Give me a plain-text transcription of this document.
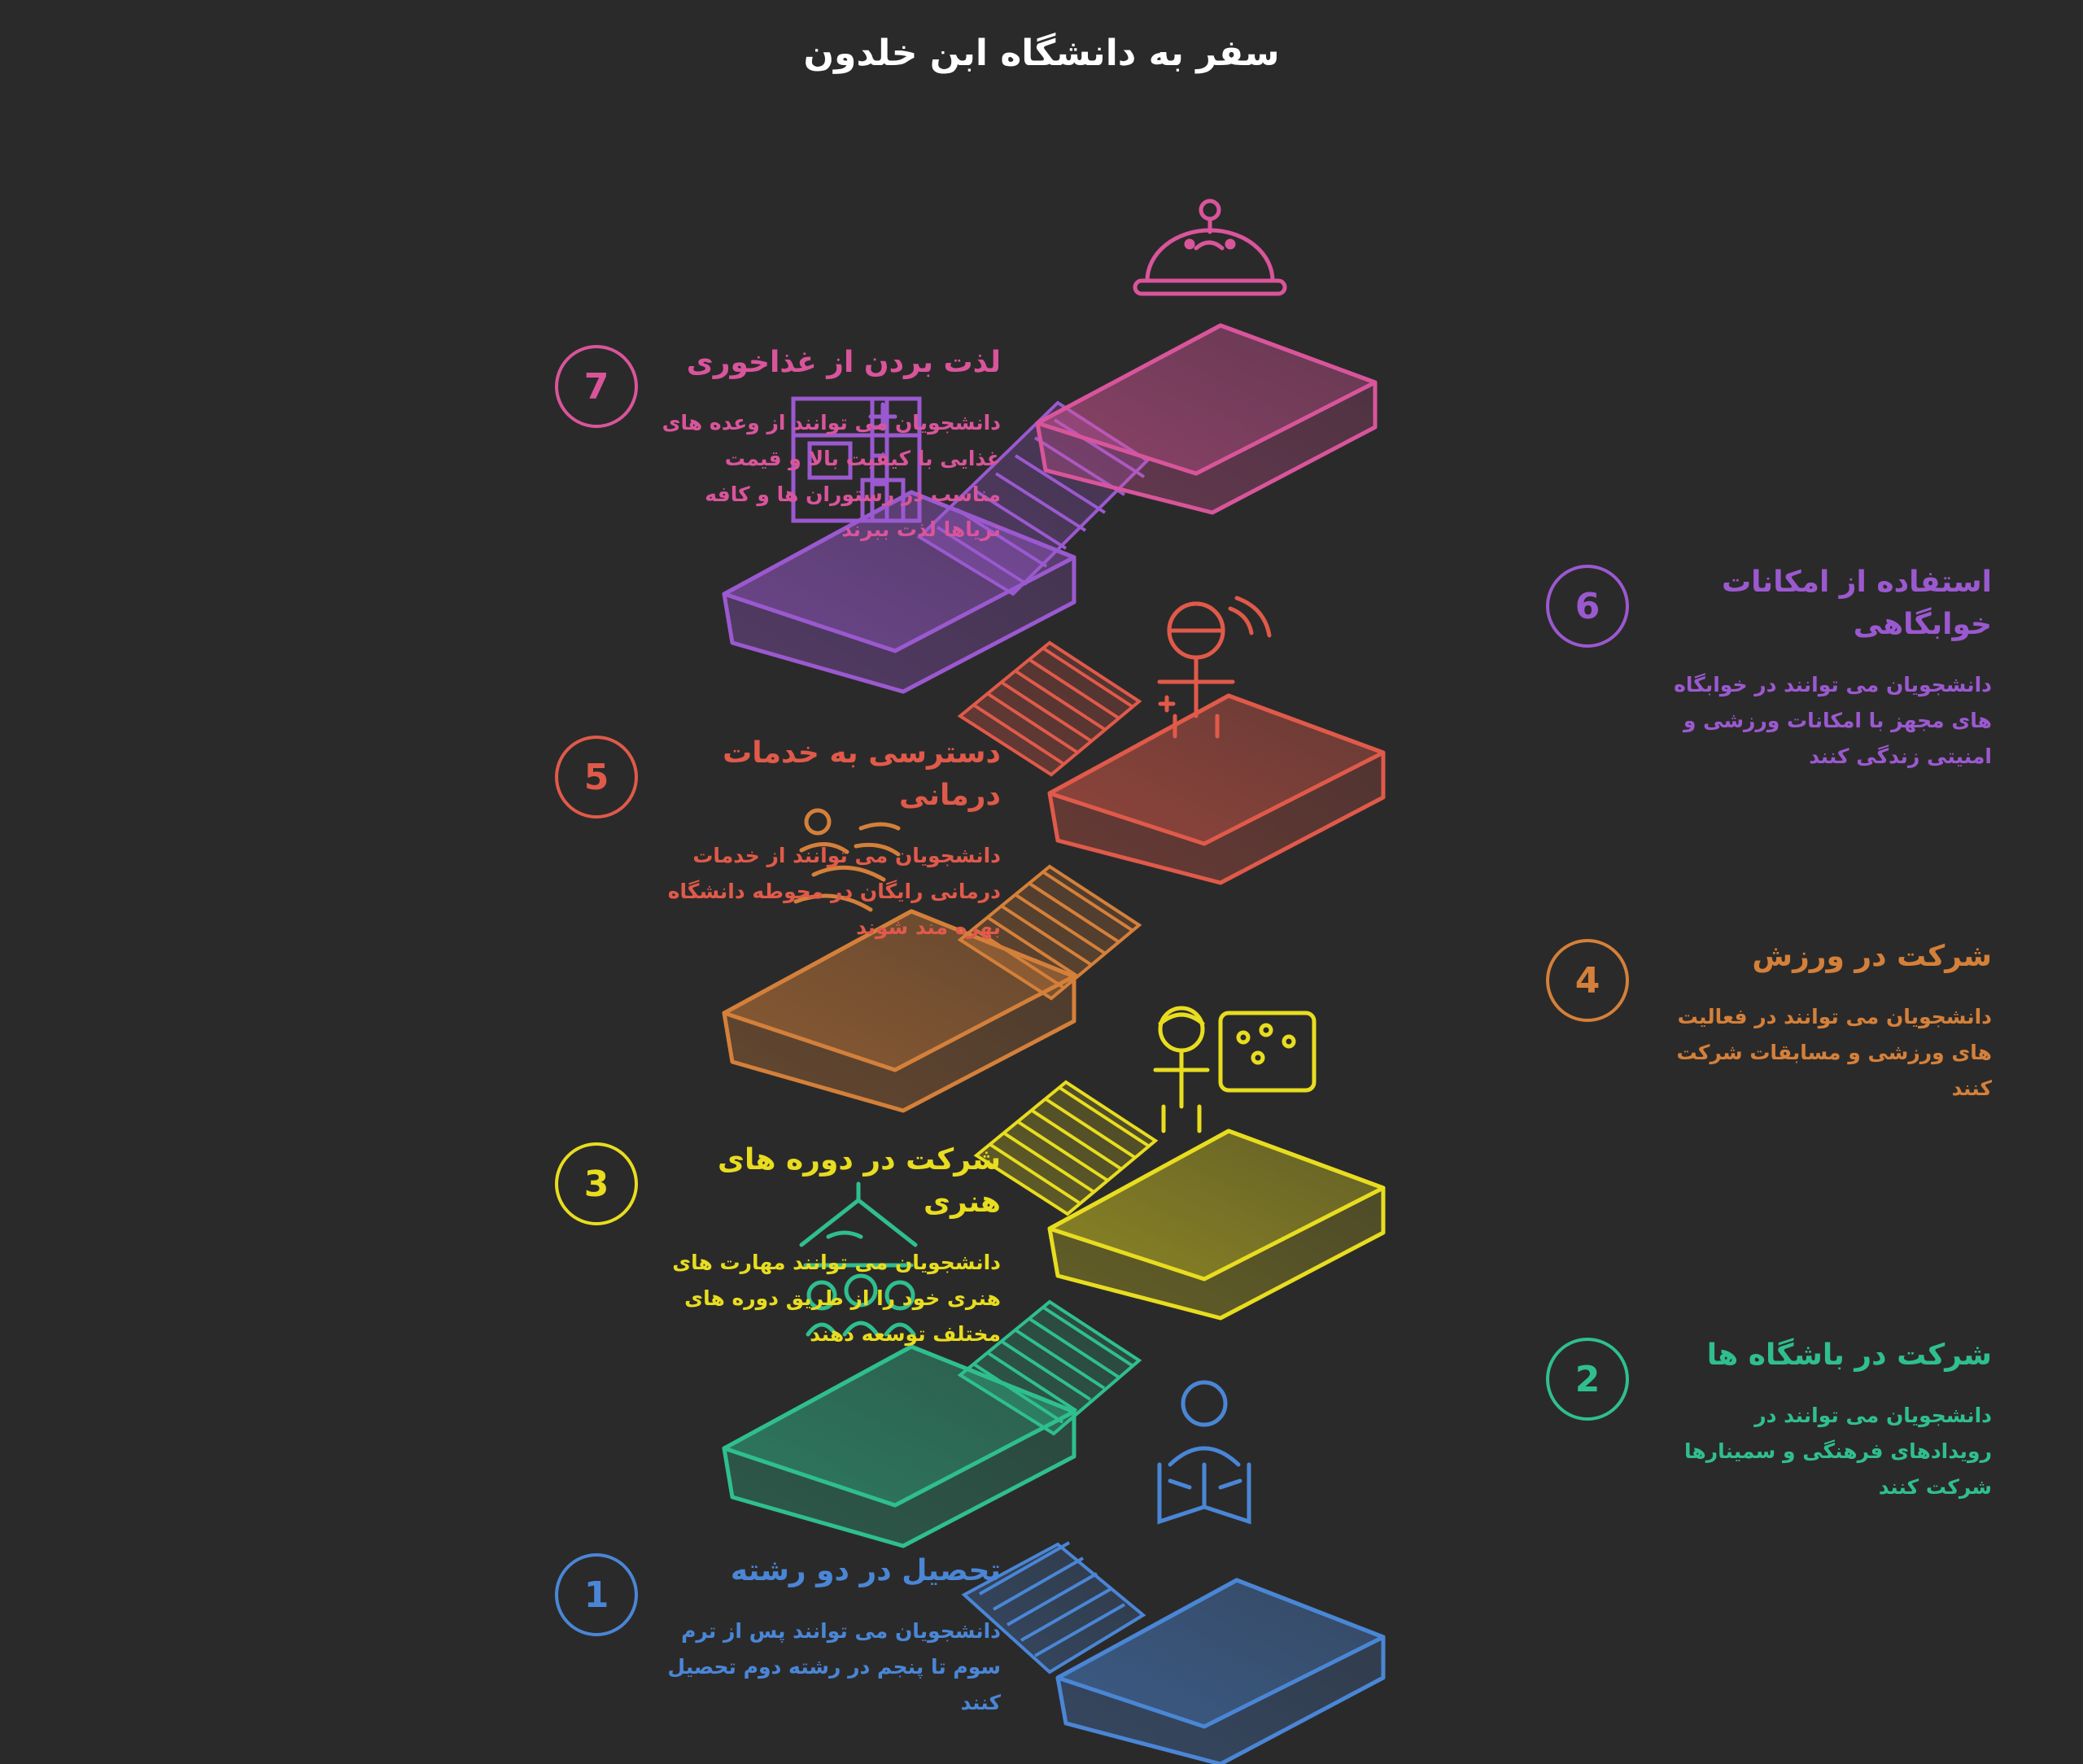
سفر به دانشگاه ابن خلدون
7
لذت بردن از غذاخوری
دانشجویان می توانند از وعده های غذایی با کیفیت بالا و قیمت مناسب در رستوران ها و کافه تریاها لذت ببرند
استفاده از امکانات خوابگاهی
دانشجویان می توانند در خوابگاه های مجهز با امکانات ورزشی و امنیتی زندگی کنند
6
5
دسترسی به خدمات درمانی
دانشجویان می توانند از خدمات درمانی رایگان در محوطه دانشگاه بهره مند شوند
شرکت در ورزش
دانشجویان می توانند در فعالیت های ورزشی و مسابقات شرکت کنند
4
3
شرکت در دوره های هنری
دانشجویان می توانند مهارت های هنری خود را از طریق دوره های مختلف توسعه دهند
شرکت در باشگاه ها
دانشجویان می توانند در رویدادهای فرهنگی و سمینارها شرکت کنند
2
1
تحصیل در دو رشته
دانشجویان می توانند پس از ترم سوم تا پنجم در رشته دوم تحصیل کنند
